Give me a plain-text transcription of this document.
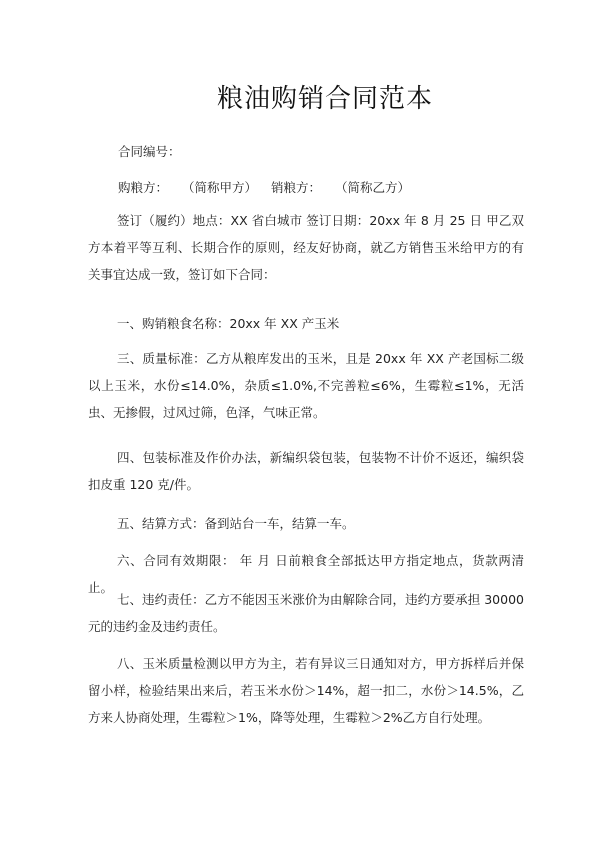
粮油购销合同范本
合同编号：
购粮方： （简称甲方） 销粮方： （简称乙方）
签订（履约）地点：XX 省白城市 签订日期：20xx 年 8 月 25 日 甲乙双方本着平等互利、长期合作的原则，经友好协商，就乙方销售玉米给甲方的有关事宜达成一致，签订如下合同：
一、购销粮食名称：20xx 年 XX 产玉米
三、质量标准：乙方从粮库发出的玉米，且是 20xx 年 XX 产老国标二级以上玉米，水份≤14.0%，杂质≤1.0%,不完善粒≤6%，生霉粒≤1%，无活虫、无掺假，过风过筛，色泽，气味正常。
四、包装标准及作价办法，新编织袋包装，包装物不计价不返还，编织袋扣皮重 120 克/件。
五、结算方式：备到站台一车，结算一车。
六、合同有效期限： 年 月 日前粮食全部抵达甲方指定地点，货款两清止。
七、违约责任：乙方不能因玉米涨价为由解除合同，违约方要承担 30000 元的违约金及违约责任。
八、玉米质量检测以甲方为主，若有异议三日通知对方，甲方拆样后并保留小样，检验结果出来后，若玉米水份＞14%，超一扣二，水份＞14.5%，乙方来人协商处理，生霉粒＞1%，降等处理，生霉粒＞2%乙方自行处理。
